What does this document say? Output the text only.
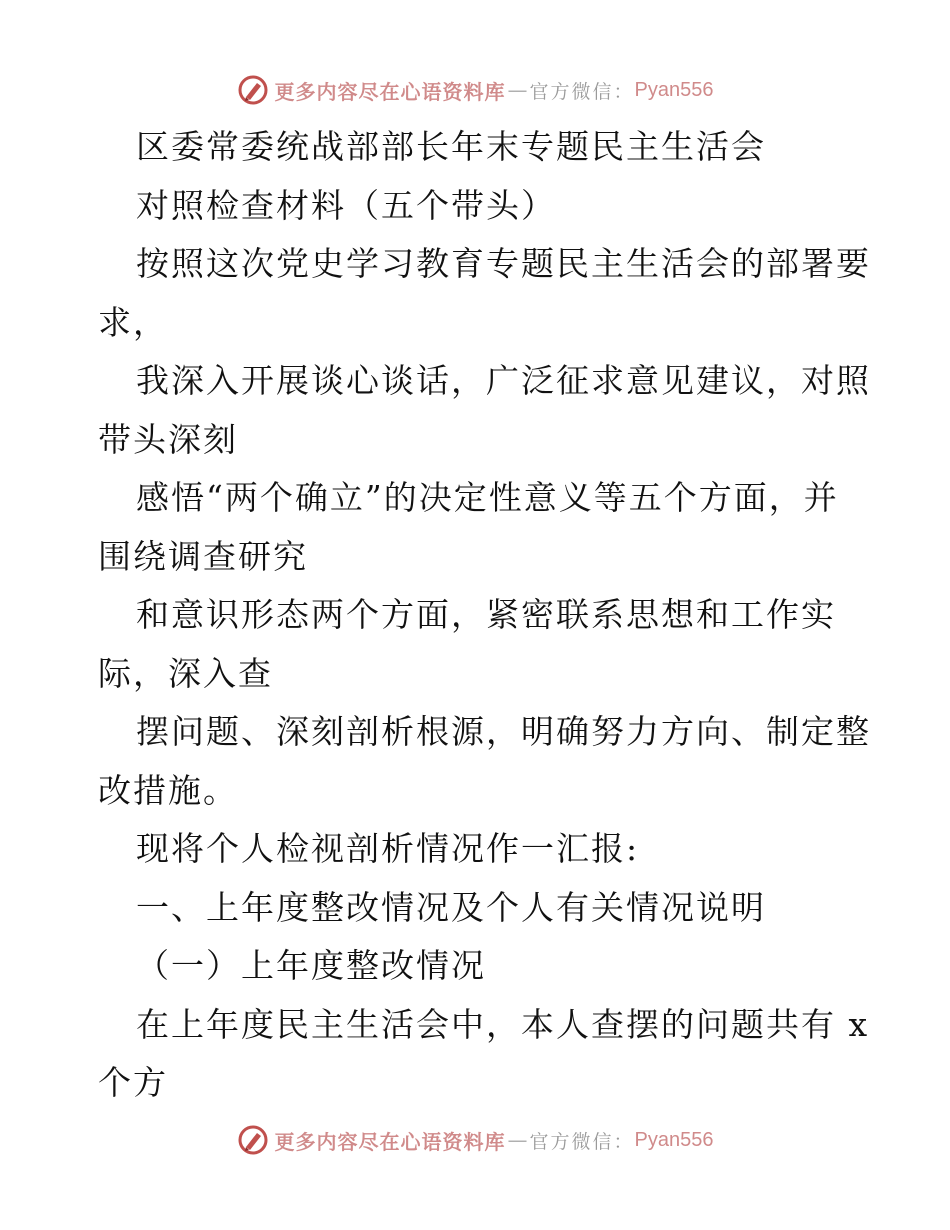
更多内容尽在心语资料库 — 官方微信： Pyan556
区委常委统战部部长年末专题民主生活会
对照检查材料（五个带头）
按照这次党史学习教育专题民主生活会的部署要
求，
我深入开展谈心谈话，广泛征求意见建议，对照
带头深刻
感悟“两个确立”的决定性意义等五个方面，并
围绕调查研究
和意识形态两个方面，紧密联系思想和工作实
际，深入查
摆问题、深刻剖析根源，明确努力方向、制定整
改措施。
现将个人检视剖析情况作一汇报:
一、上年度整改情况及个人有关情况说明
（一）上年度整改情况
在上年度民主生活会中，本人查摆的问题共有 x
个方
更多内容尽在心语资料库 — 官方微信： Pyan556
